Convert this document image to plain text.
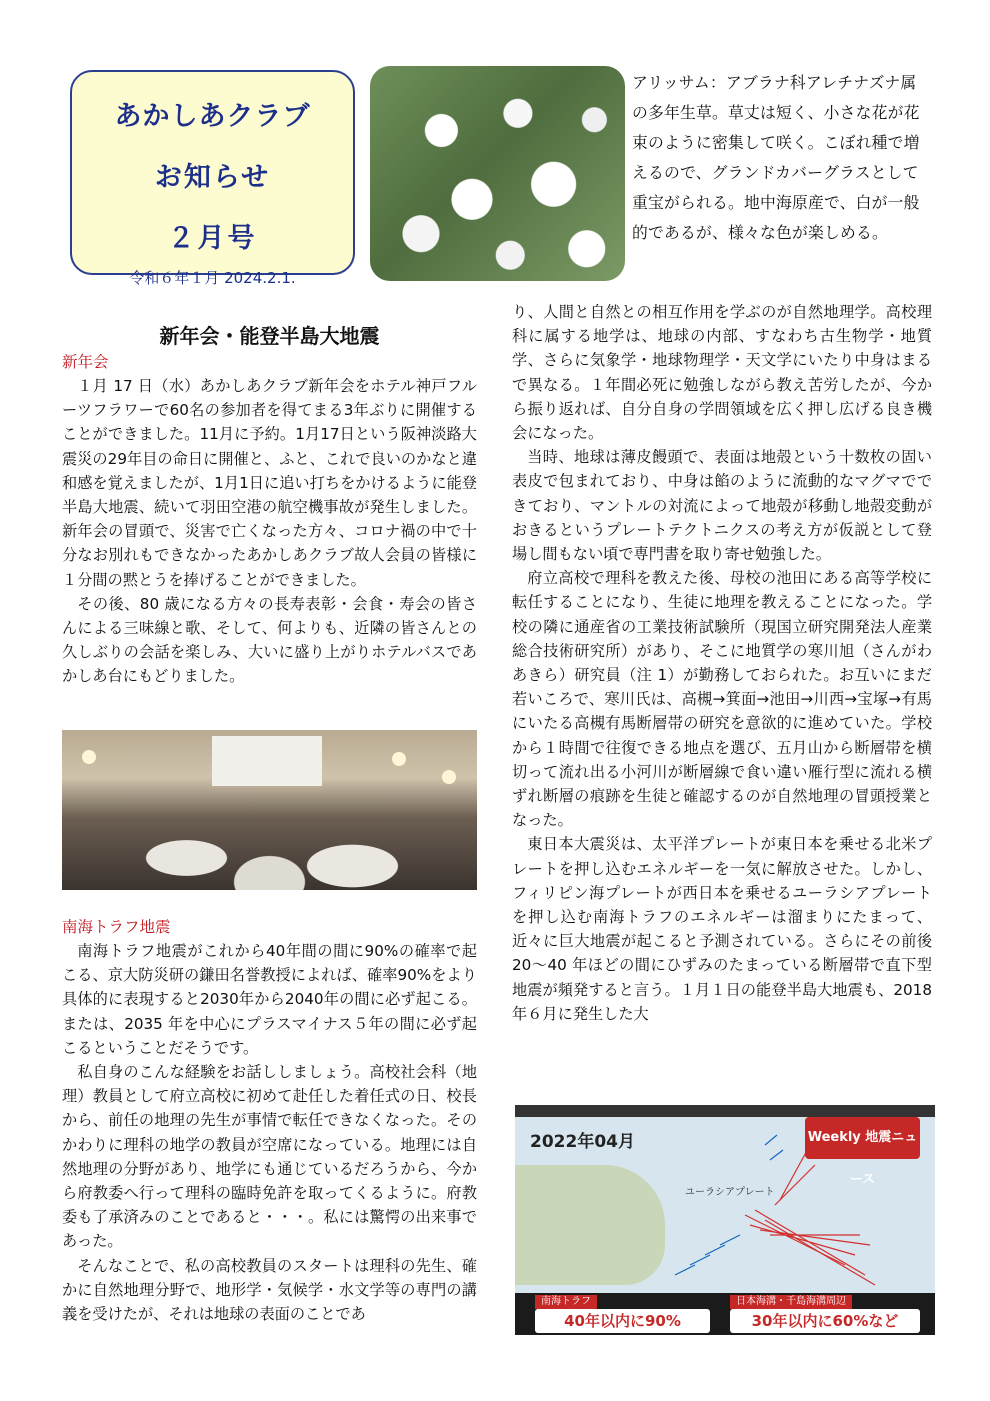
あかしあクラブ
お知らせ
２月号
令和６年１月 2024.2.1.
アリッサム：アブラナ科アレチナズナ属の多年生草。草丈は短く、小さな花が花束のように密集して咲く。こぼれ種で増えるので、グランドカバーグラスとして重宝がられる。地中海原産で、白が一般的であるが、様々な色が楽しめる。
新年会・能登半島大地震
新年会

１月 17 日（水）あかしあクラブ新年会をホテル神戸フルーツフラワーで60名の参加者を得てまる3年ぶりに開催することができました。11月に予約。1月17日という阪神淡路大震災の29年目の命日に開催と、ふと、これで良いのかなと違和感を覚えましたが、1月1日に追い打ちをかけるように能登半島大地震、続いて羽田空港の航空機事故が発生しました。新年会の冒頭で、災害で亡くなった方々、コロナ禍の中で十分なお別れもできなかったあかしあクラブ故人会員の皆様に１分間の黙とうを捧げることができました。

その後、80 歳になる方々の長寿表彰・会食・寿会の皆さんによる三味線と歌、そして、何よりも、近隣の皆さんとの久しぶりの会話を楽しみ、大いに盛り上がりホテルバスであかしあ台にもどりました。

南海トラフ地震

南海トラフ地震がこれから40年間の間に90%の確率で起こる、京大防災研の鎌田名誉教授によれば、確率90%をより具体的に表現すると2030年から2040年の間に必ず起こる。または、2035 年を中心にプラスマイナス５年の間に必ず起こるということだそうです。

私自身のこんな経験をお話ししましょう。高校社会科（地理）教員として府立高校に初めて赴任した着任式の日、校長から、前任の地理の先生が事情で転任できなくなった。そのかわりに理科の地学の教員が空席になっている。地理には自然地理の分野があり、地学にも通じているだろうから、今から府教委へ行って理科の臨時免許を取ってくるように。府教委も了承済みのことであると・・・。私には驚愕の出来事であった。

そんなことで、私の高校教員のスタートは理科の先生、確かに自然地理分野で、地形学・気候学・水文学等の専門の講義を受けたが、それは地球の表面のことであ

り、人間と自然との相互作用を学ぶのが自然地理学。高校理科に属する地学は、地球の内部、すなわち古生物学・地質学、さらに気象学・地球物理学・天文学にいたり中身はまるで異なる。１年間必死に勉強しながら教え苦労したが、今から振り返れば、自分自身の学問領域を広く押し広げる良き機会になった。

当時、地球は薄皮饅頭で、表面は地殻という十数枚の固い表皮で包まれており、中身は餡のように流動的なマグマでできており、マントルの対流によって地殻が移動し地殻変動がおきるというプレートテクトニクスの考え方が仮説として登場し間もない頃で専門書を取り寄せ勉強した。

府立高校で理科を教えた後、母校の池田にある高等学校に転任することになり、生徒に地理を教えることになった。学校の隣に通産省の工業技術試験所（現国立研究開発法人産業総合技術研究所）があり、そこに地質学の寒川旭（さんがわ あきら）研究員（注 1）が勤務しておられた。お互いにまだ若いころで、寒川氏は、高槻→箕面→池田→川西→宝塚→有馬にいたる高槻有馬断層帯の研究を意欲的に進めていた。学校から１時間で往復できる地点を選び、五月山から断層帯を横切って流れ出る小河川が断層線で食い違い雁行型に流れる横ずれ断層の痕跡を生徒と確認するのが自然地理の冒頭授業となった。

東日本大震災は、太平洋プレートが東日本を乗せる北米プレートを押し込むエネルギーを一気に解放させた。しかし、フィリピン海プレートが西日本を乗せるユーラシアプレートを押し込む南海トラフのエネルギーは溜まりにたまって、近々に巨大地震が起こると予測されている。さらにその前後 20～40 年ほどの間にひずみのたまっている断層帯で直下型地震が頻発すると言う。１月１日の能登半島大地震も、2018 年６月に発生した大

2022年04月	Weekly 地震ニュース
ユーラシアプレート
南海トラフ
40年以内に90%
日本海溝・千島海溝周辺
30年以内に60%など
